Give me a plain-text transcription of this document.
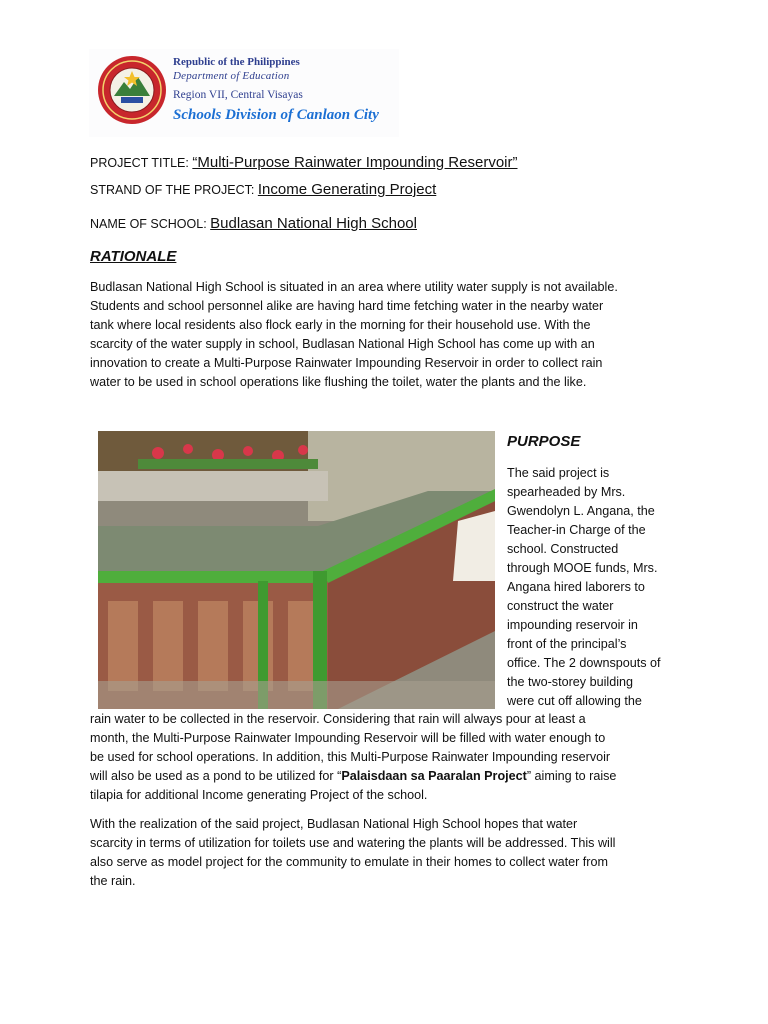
Republic of the Philippines
Department of Education
Region VII, Central Visayas
Schools Division of Canlaon City
PROJECT TITLE: “Multi-Purpose Rainwater Impounding Reservoir”
STRAND OF THE PROJECT: Income Generating Project
NAME OF SCHOOL: Budlasan National High School
RATIONALE
Budlasan National High School is situated in an area where utility water supply is not available.
Students and school personnel alike are having hard time fetching water in the nearby water
tank where local residents also flock early in the morning for their household use. With the
scarcity of the water supply in school, Budlasan National High School has come up with an
innovation to create a Multi-Purpose Rainwater Impounding Reservoir in order to collect rain
water to be used in school operations like flushing the toilet, water the plants and the like.
PURPOSE
The said project is
spearheaded by Mrs.
Gwendolyn L. Angana, the
Teacher-in Charge of the
school. Constructed
through MOOE funds, Mrs.
Angana hired laborers to
construct the water
impounding reservoir in
front of the principal’s
office. The 2 downspouts of
the two-storey building
were cut off allowing the
rain water to be collected in the reservoir. Considering that rain will always pour at least a
month, the Multi-Purpose Rainwater Impounding Reservoir will be filled with water enough to
be used for school operations. In addition, this Multi-Purpose Rainwater Impounding reservoir
will also be used as a pond to be utilized for “Palaisdaan sa Paaralan Project” aiming to raise
tilapia for additional Income generating Project of the school.
With the realization of the said project, Budlasan National High School hopes that water
scarcity in terms of utilization for toilets use and watering the plants will be addressed. This will
also serve as model project for the community to emulate in their homes to collect water from
the rain.
